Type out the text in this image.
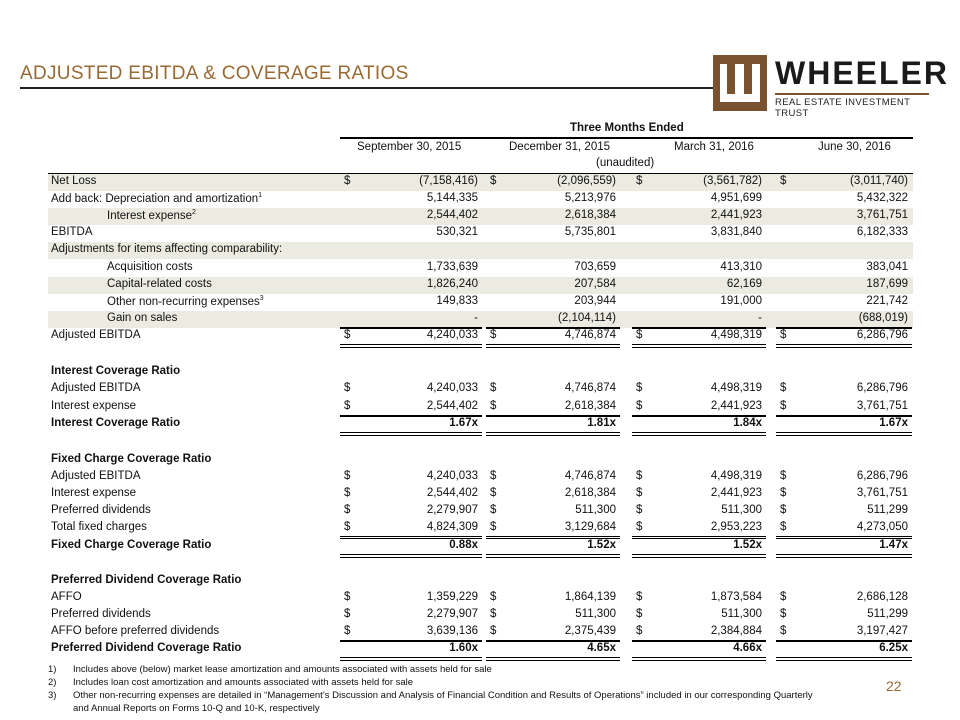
ADJUSTED EBITDA & COVERAGE RATIOS	WHEELER
REAL ESTATE INVESTMENT TRUST
Three Months Ended
September 30, 2015	December 31, 2015	March 31, 2016	June 30, 2016
(unaudited)
Net Loss	$	(7,158,416) $	(2,096,559) $	(3,561,782) $	(3,011,740)
Add back: Depreciation and amortization$^1$	5,144,335	5,213,976	4,951,699	5,432,322
Interest expense$^2$	2,544,402	2,618,384	2,441,923	3,761,751
EBITDA	530,321	5,735,801	3,831,840	6,182,333
Adjustments for items affecting comparability:
Acquisition costs	1,733,639	703,659	413,310	383,041
Capital-related costs	1,826,240	207,584	62,169	187,699
Other non-recurring expenses$^3$	149,833	203,944	191,000	221,742
Gain on sales	-	(2,104,114)	-	(688,019)
Adjusted EBITDA	$	4,240,033 $	4,746,874 $	4,498,319 $	6,286,796
Interest Coverage Ratio
Adjusted EBITDA	$	4,240,033 $	4,746,874 $	4,498,319 $	6,286,796
Interest expense	$	2,544,402 $	2,618,384 $	2,441,923 $	3,761,751
Interest Coverage Ratio	1.67x	1.81x	1.84x	1.67x
Fixed Charge Coverage Ratio
Adjusted EBITDA	$	4,240,033 $	4,746,874 $	4,498,319 $	6,286,796
Interest expense	$	2,544,402 $	2,618,384 $	2,441,923 $	3,761,751
Preferred dividends	$	2,279,907 $	511,300 $	511,300 $	511,299
Total fixed charges	$	4,824,309 $	3,129,684 $	2,953,223 $	4,273,050
Fixed Charge Coverage Ratio	0.88x	1.52x	1.52x	1.47x
Preferred Dividend Coverage Ratio
AFFO	$	1,359,229 $	1,864,139 $	1,873,584 $	2,686,128
Preferred dividends	$	2,279,907 $	511,300 $	511,300 $	511,299
AFFO before preferred dividends	$	3,639,136 $	2,375,439 $	2,384,884 $	3,197,427
Preferred Dividend Coverage Ratio	1.60x	4.65x	4.66x	6.25x
1) Includes above (below) market lease amortization and amounts associated with assets held for sale
2) Includes loan cost amortization and amounts associated with assets held for sale
3) Other non-recurring expenses are detailed in “Management’s Discussion and Analysis of Financial Condition and Results of Operations” included in our corresponding Quarterly
and Annual Reports on Forms 10-Q and 10-K, respectively
22
